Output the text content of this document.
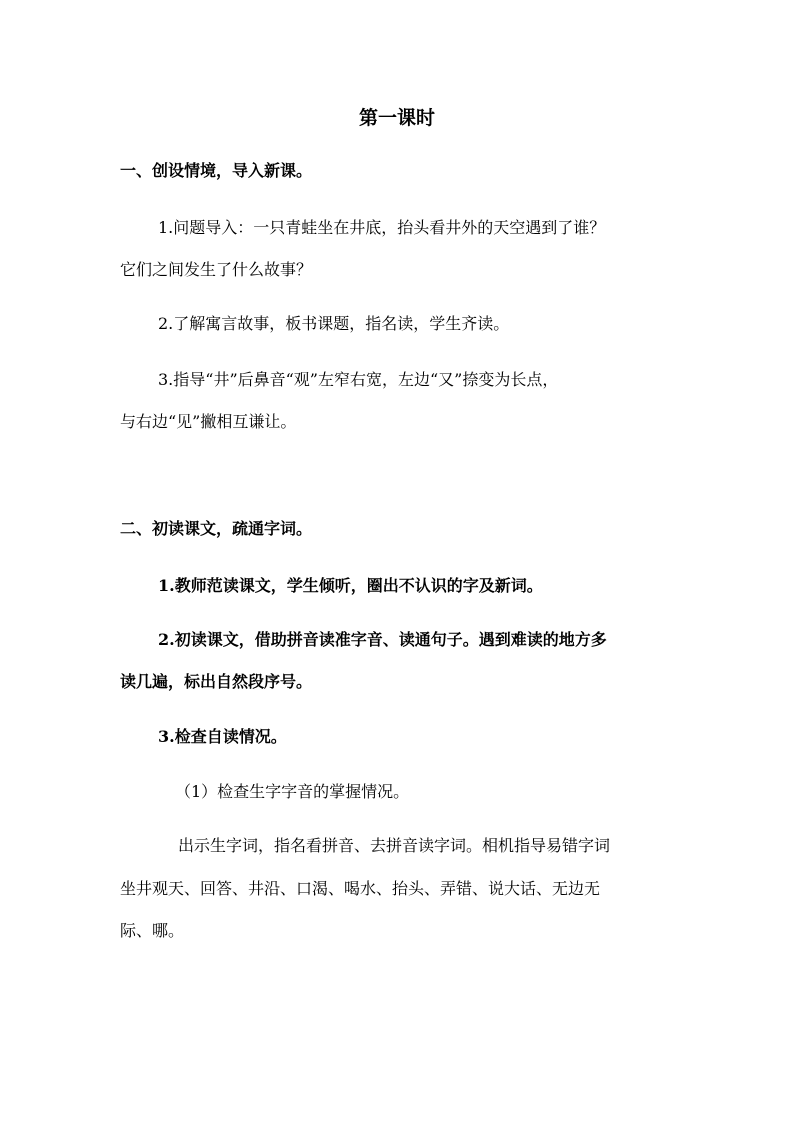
第一课时
一、创设情境，导入新课。
1.问题导入：一只青蛙坐在井底，抬头看井外的天空遇到了谁？
它们之间发生了什么故事？
2.了解寓言故事，板书课题，指名读，学生齐读。
3.指导“井”后鼻音“观”左窄右宽，左边“又”捺变为长点，
与右边“见”撇相互谦让。
二、初读课文，疏通字词。
1.教师范读课文，学生倾听，圈出不认识的字及新词。
2.初读课文，借助拼音读准字音、读通句子。遇到难读的地方多
读几遍，标出自然段序号。
3.检查自读情况。
（1）检查生字字音的掌握情况。
出示生字词，指名看拼音、去拼音读字词。相机指导易错字词
坐井观天、回答、井沿、口渴、喝水、抬头、弄错、说大话、无边无
际、哪。
